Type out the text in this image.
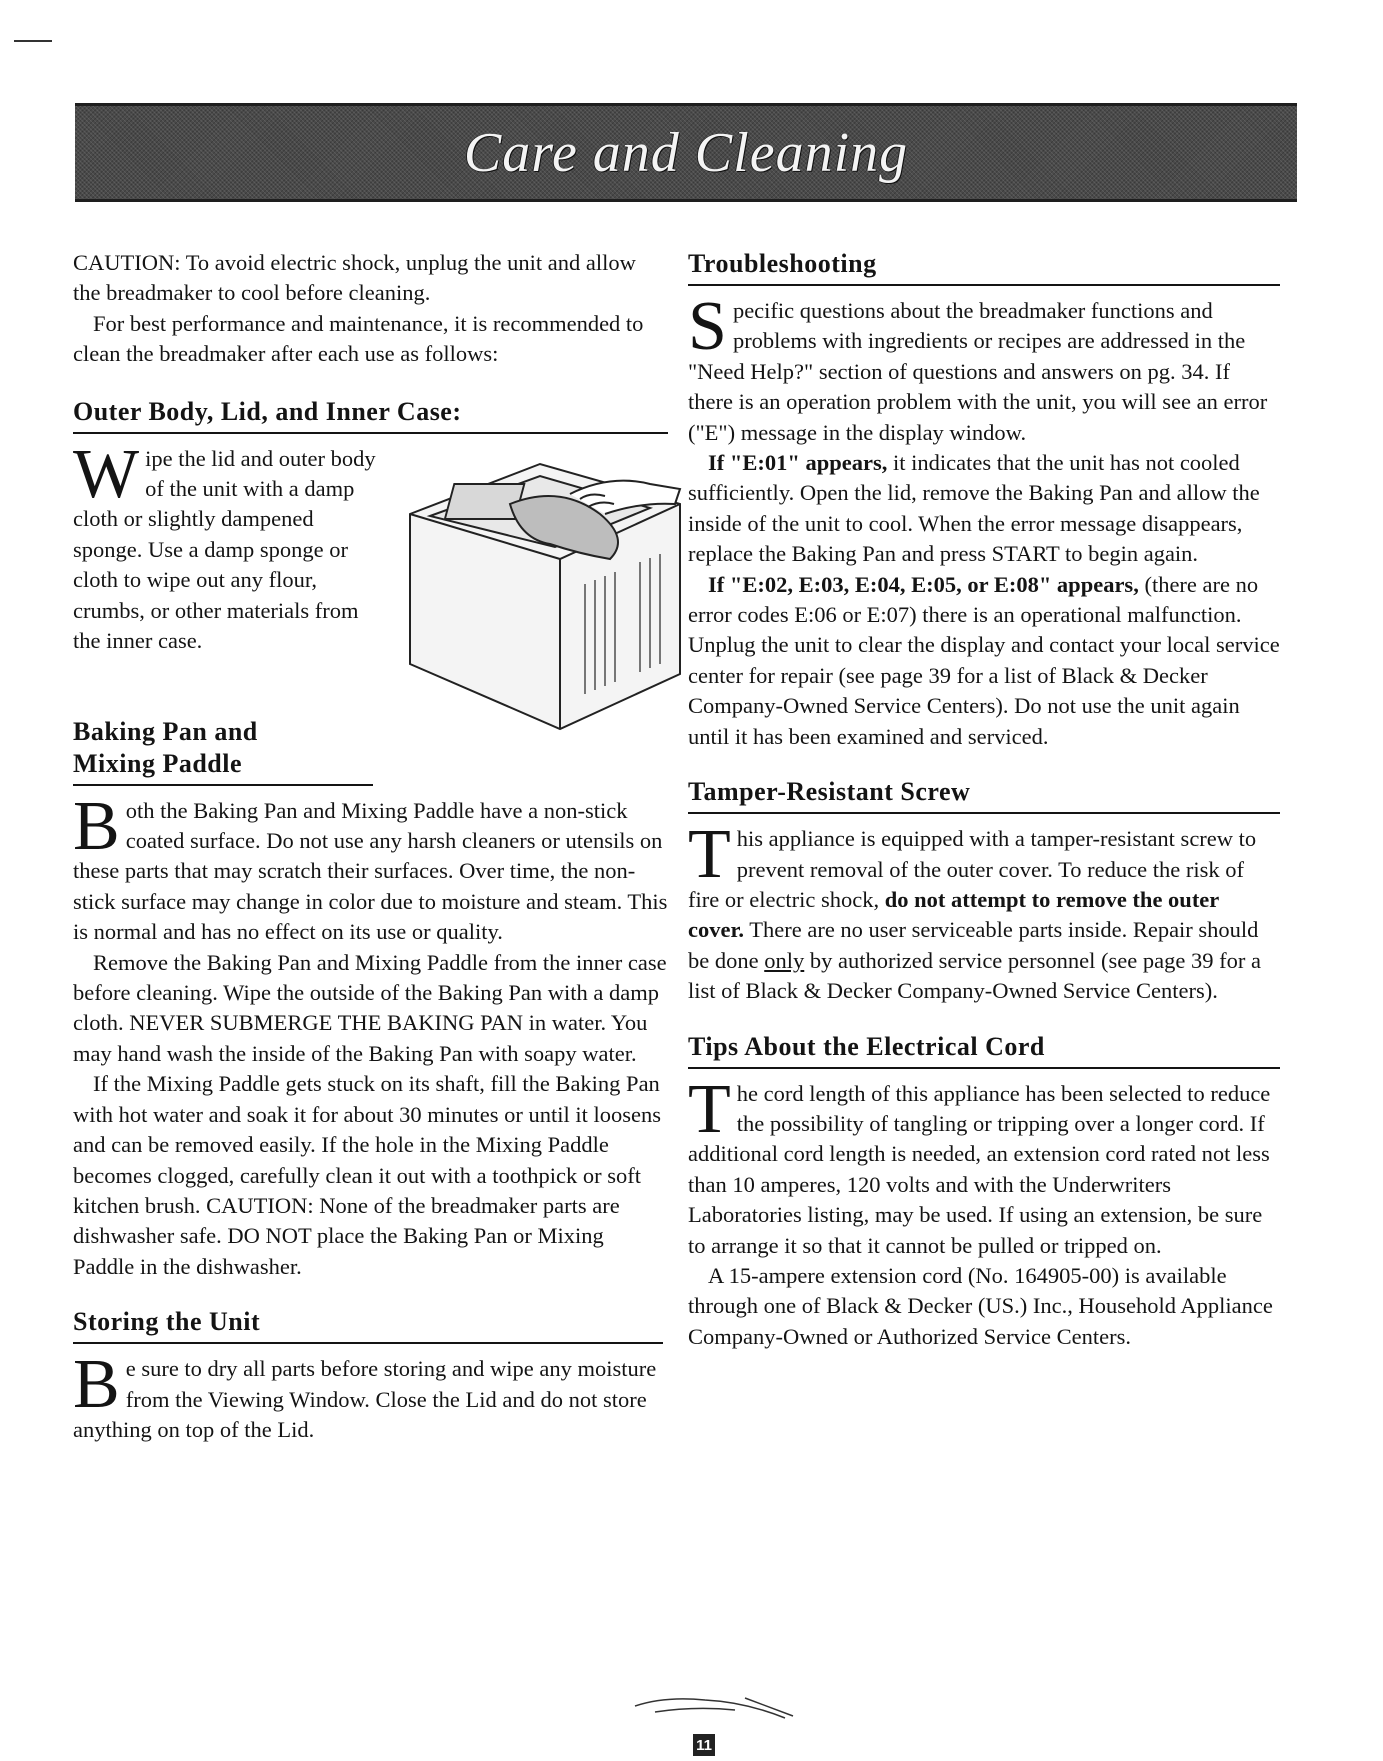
Care and Cleaning

CAUTION: To avoid electric shock, unplug the unit and allow the breadmaker to cool before cleaning.

For best performance and maintenance, it is recommended to clean the breadmaker after each use as follows:

Outer Body, Lid, and Inner Case:

Wipe the lid and outer body of the unit with a damp cloth or slightly dampened sponge. Use a damp sponge or cloth to wipe out any flour, crumbs, or other materials from the inner case.

Baking Pan and
Mixing Paddle

Both the Baking Pan and Mixing Paddle have a non-stick coated surface. Do not use any harsh cleaners or utensils on these parts that may scratch their surfaces. Over time, the non-stick surface may change in color due to moisture and steam. This is normal and has no effect on its use or quality.

Remove the Baking Pan and Mixing Paddle from the inner case before cleaning. Wipe the outside of the Baking Pan with a damp cloth. NEVER SUBMERGE THE BAKING PAN in water. You may hand wash the inside of the Baking Pan with soapy water.

If the Mixing Paddle gets stuck on its shaft, fill the Baking Pan with hot water and soak it for about 30 minutes or until it loosens and can be removed easily. If the hole in the Mixing Paddle becomes clogged, carefully clean it out with a toothpick or soft kitchen brush. CAUTION: None of the breadmaker parts are dishwasher safe. DO NOT place the Baking Pan or Mixing Paddle in the dishwasher.

Storing the Unit

Be sure to dry all parts before storing and wipe any moisture from the Viewing Window. Close the Lid and do not store anything on top of the Lid.

Troubleshooting

Specific questions about the breadmaker functions and problems with ingredients or recipes are addressed in the "Need Help?" section of questions and answers on pg. 34. If there is an operation problem with the unit, you will see an error ("E") message in the display window.

If "E:01" appears, it indicates that the unit has not cooled sufficiently. Open the lid, remove the Baking Pan and allow the inside of the unit to cool. When the error message disappears, replace the Baking Pan and press START to begin again.

If "E:02, E:03, E:04, E:05, or E:08" appears, (there are no error codes E:06 or E:07) there is an operational malfunction. Unplug the unit to clear the display and contact your local service center for repair (see page 39 for a list of Black & Decker Company-Owned Service Centers). Do not use the unit again until it has been examined and serviced.

Tamper-Resistant Screw

This appliance is equipped with a tamper-resistant screw to prevent removal of the outer cover. To reduce the risk of fire or electric shock, do not attempt to remove the outer cover. There are no user serviceable parts inside. Repair should be done only by authorized service personnel (see page 39 for a list of Black & Decker Company-Owned Service Centers).

Tips About the Electrical Cord

The cord length of this appliance has been selected to reduce the possibility of tangling or tripping over a longer cord. If additional cord length is needed, an extension cord rated not less than 10 amperes, 120 volts and with the Underwriters Laboratories listing, may be used. If using an extension, be sure to arrange it so that it cannot be pulled or tripped on.

A 15-ampere extension cord (No. 164905-00) is available through one of Black & Decker (US.) Inc., Household Appliance Company-Owned or Authorized Service Centers.

11
